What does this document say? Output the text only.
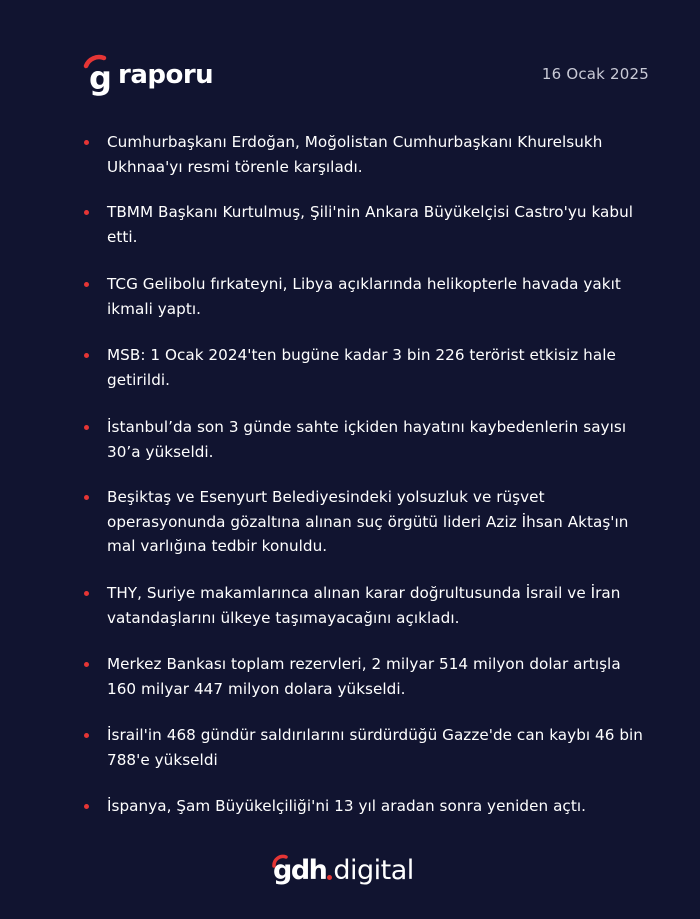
g raporu	16 Ocak 2025
Cumhurbaşkanı Erdoğan, Moğolistan Cumhurbaşkanı Khurelsukh Ukhnaa'yı resmi törenle karşıladı.
TBMM Başkanı Kurtulmuş, Şili'nin Ankara Büyükelçisi Castro'yu kabul etti.
TCG Gelibolu fırkateyni, Libya açıklarında helikopterle havada yakıt ikmali yaptı.
MSB: 1 Ocak 2024'ten bugüne kadar 3 bin 226 terörist etkisiz hale getirildi.
İstanbul’da son 3 günde sahte içkiden hayatını kaybedenlerin sayısı 30’a yükseldi.
Beşiktaş ve Esenyurt Belediyesindeki yolsuzluk ve rüşvet operasyonunda gözaltına alınan suç örgütü lideri Aziz İhsan Aktaş'ın mal varlığına tedbir konuldu.
THY, Suriye makamlarınca alınan karar doğrultusunda İsrail ve İran vatandaşlarını ülkeye taşımayacağını açıkladı.
Merkez Bankası toplam rezervleri, 2 milyar 514 milyon dolar artışla 160 milyar 447 milyon dolara yükseldi.
İsrail'in 468 gündür saldırılarını sürdürdüğü Gazze'de can kaybı 46 bin 788'e yükseldi
İspanya, Şam Büyükelçiliği'ni 13 yıl aradan sonra yeniden açtı.
gdh digital
